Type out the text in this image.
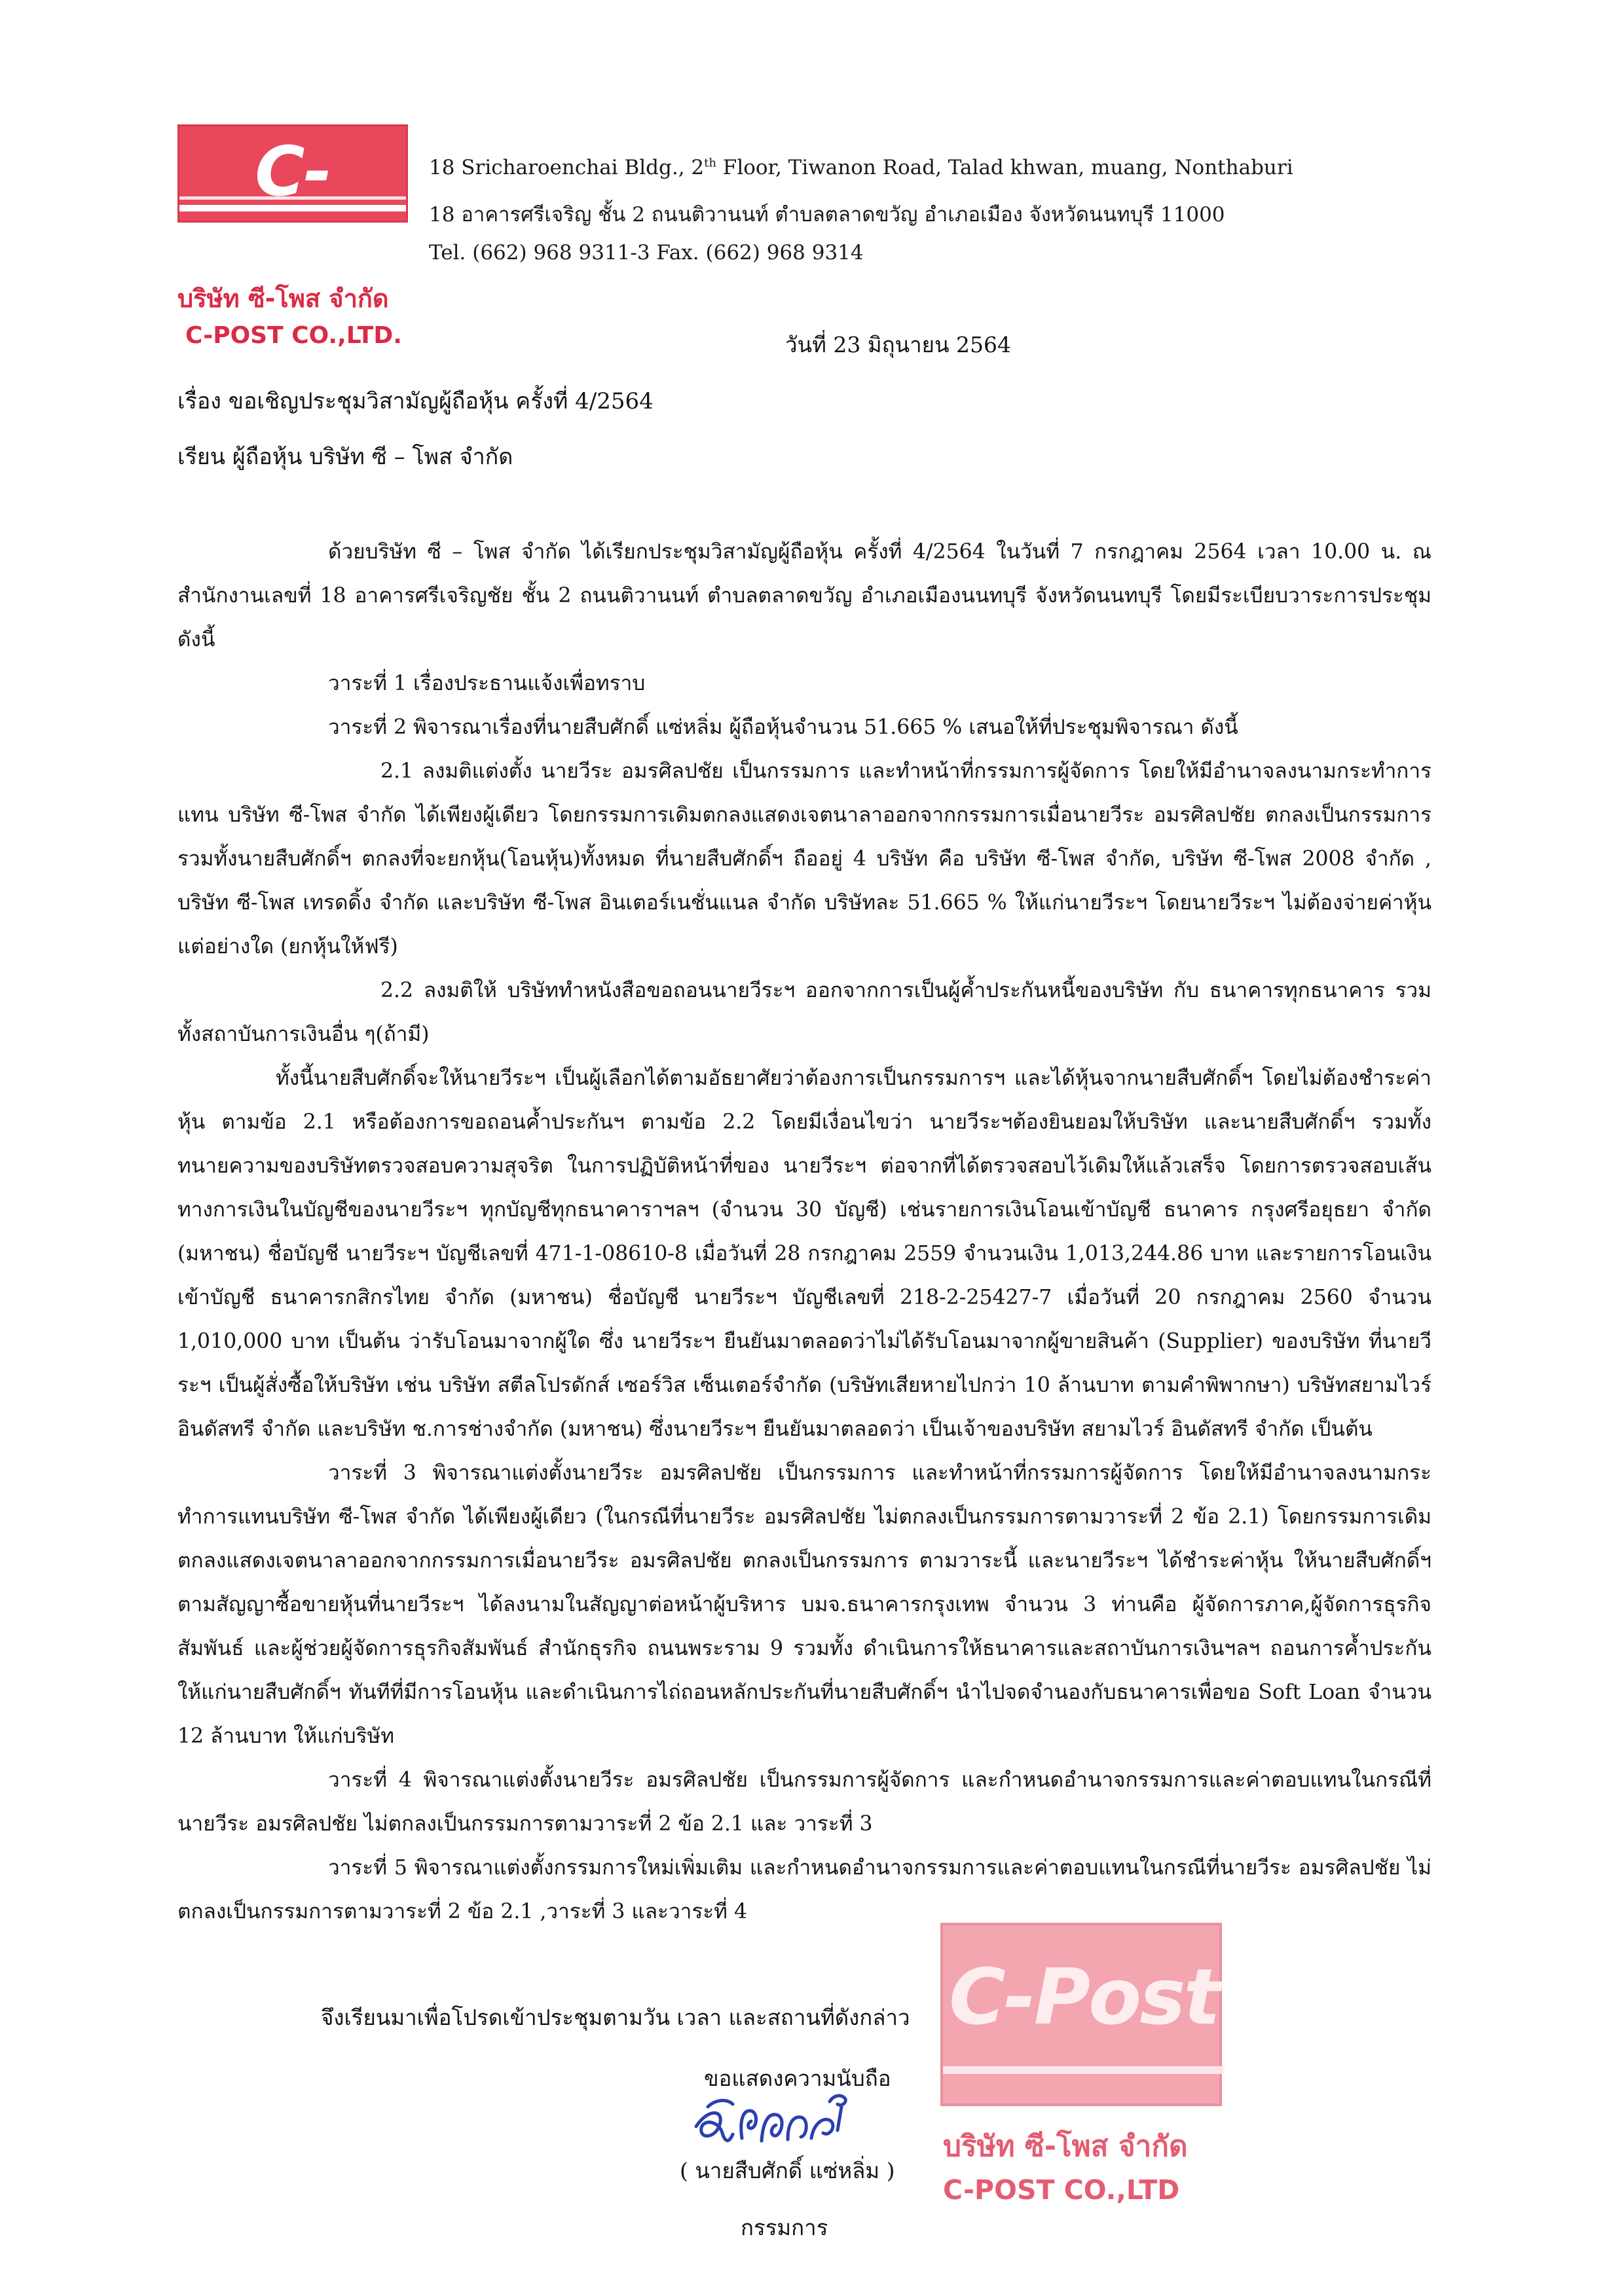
C-Post
บริษัท ซี-โพส จำกัด
C-POST CO.,LTD.
18 Sricharoenchai Bldg., 2th Floor, Tiwanon Road, Talad khwan, muang, Nonthaburi
18 อาคารศรีเจริญ ชั้น 2 ถนนติวานนท์ ตำบลตลาดขวัญ อำเภอเมือง จังหวัดนนทบุรี 11000
Tel. (662) 968 9311-3 Fax. (662) 968 9314
วันที่ 23 มิถุนายน 2564
เรื่อง ขอเชิญประชุมวิสามัญผู้ถือหุ้น ครั้งที่ 4/2564
เรียน ผู้ถือหุ้น บริษัท ซี – โพส จำกัด

ด้วยบริษัท ซี – โพส จำกัด ได้เรียกประชุมวิสามัญผู้ถือหุ้น ครั้งที่ 4/2564 ในวันที่ 7 กรกฎาคม 2564 เวลา 10.00 น. ณ สำนักงานเลขที่ 18 อาคารศรีเจริญชัย ชั้น 2 ถนนติวานนท์ ตำบลตลาดขวัญ อำเภอเมืองนนทบุรี จังหวัดนนทบุรี โดยมีระเบียบวาระการประชุม ดังนี้

วาระที่ 1 เรื่องประธานแจ้งเพื่อทราบ

วาระที่ 2 พิจารณาเรื่องที่นายสืบศักดิ์ แซ่หลิ่ม ผู้ถือหุ้นจำนวน 51.665 % เสนอให้ที่ประชุมพิจารณา ดังนี้

2.1 ลงมติแต่งตั้ง นายวีระ อมรศิลปชัย เป็นกรรมการ และทำหน้าที่กรรมการผู้จัดการ โดยให้มีอำนาจลงนามกระทำการแทน บริษัท ซี-โพส จำกัด ได้เพียงผู้เดียว โดยกรรมการเดิมตกลงแสดงเจตนาลาออกจากกรรมการเมื่อนายวีระ อมรศิลปชัย ตกลงเป็นกรรมการ รวมทั้งนายสืบศักดิ์ฯ ตกลงที่จะยกหุ้น(โอนหุ้น)ทั้งหมด ที่นายสืบศักดิ์ฯ ถืออยู่ 4 บริษัท คือ บริษัท ซี-โพส จำกัด, บริษัท ซี-โพส 2008 จำกัด , บริษัท ซี-โพส เทรดดิ้ง จำกัด และบริษัท ซี-โพส อินเตอร์เนชั่นแนล จำกัด บริษัทละ 51.665 % ให้แก่นายวีระฯ โดยนายวีระฯ ไม่ต้องจ่ายค่าหุ้นแต่อย่างใด (ยกหุ้นให้ฟรี)

2.2 ลงมติให้ บริษัททำหนังสือขอถอนนายวีระฯ ออกจากการเป็นผู้ค้ำประกันหนี้ของบริษัท กับ ธนาคารทุกธนาคาร รวมทั้งสถาบันการเงินอื่น ๆ(ถ้ามี)

ทั้งนี้นายสืบศักดิ์จะให้นายวีระฯ เป็นผู้เลือกได้ตามอัธยาศัยว่าต้องการเป็นกรรมการฯ และได้หุ้นจากนายสืบศักดิ์ฯ โดยไม่ต้องชำระค่าหุ้น ตามข้อ 2.1 หรือต้องการขอถอนค้ำประกันฯ ตามข้อ 2.2 โดยมีเงื่อนไขว่า นายวีระฯต้องยินยอมให้บริษัท และนายสืบศักดิ์ฯ รวมทั้งทนายความของบริษัทตรวจสอบความสุจริต ในการปฏิบัติหน้าที่ของ นายวีระฯ ต่อจากที่ได้ตรวจสอบไว้เดิมให้แล้วเสร็จ โดยการตรวจสอบเส้นทางการเงินในบัญชีของนายวีระฯ ทุกบัญชีทุกธนาคาราฯลฯ (จำนวน 30 บัญชี) เช่นรายการเงินโอนเข้าบัญชี ธนาคาร กรุงศรีอยุธยา จำกัด (มหาชน) ชื่อบัญชี นายวีระฯ บัญชีเลขที่ 471-1-08610-8 เมื่อวันที่ 28 กรกฎาคม 2559 จำนวนเงิน 1,013,244.86 บาท และรายการโอนเงินเข้าบัญชี ธนาคารกสิกรไทย จำกัด (มหาชน) ชื่อบัญชี นายวีระฯ บัญชีเลขที่ 218-2-25427-7 เมื่อวันที่ 20 กรกฎาคม 2560 จำนวน 1,010,000 บาท เป็นต้น ว่ารับโอนมาจากผู้ใด ซึ่ง นายวีระฯ ยืนยันมาตลอดว่าไม่ได้รับโอนมาจากผู้ขายสินค้า (Supplier) ของบริษัท ที่นายวีระฯ เป็นผู้สั่งซื้อให้บริษัท เช่น บริษัท สตีลโปรดักส์ เซอร์วิส เซ็นเตอร์จำกัด (บริษัทเสียหายไปกว่า 10 ล้านบาท ตามคำพิพากษา) บริษัทสยามไวร์ อินดัสทรี จำกัด และบริษัท ช.การช่างจำกัด (มหาชน) ซึ่งนายวีระฯ ยืนยันมาตลอดว่า เป็นเจ้าของบริษัท สยามไวร์ อินดัสทรี จำกัด เป็นต้น

วาระที่ 3 พิจารณาแต่งตั้งนายวีระ อมรศิลปชัย เป็นกรรมการ และทำหน้าที่กรรมการผู้จัดการ โดยให้มีอำนาจลงนามกระทำการแทนบริษัท ซี-โพส จำกัด ได้เพียงผู้เดียว (ในกรณีที่นายวีระ อมรศิลปชัย ไม่ตกลงเป็นกรรมการตามวาระที่ 2 ข้อ 2.1) โดยกรรมการเดิมตกลงแสดงเจตนาลาออกจากกรรมการเมื่อนายวีระ อมรศิลปชัย ตกลงเป็นกรรมการ ตามวาระนี้ และนายวีระฯ ได้ชำระค่าหุ้น ให้นายสืบศักดิ์ฯ ตามสัญญาซื้อขายหุ้นที่นายวีระฯ ได้ลงนามในสัญญาต่อหน้าผู้บริหาร บมจ.ธนาคารกรุงเทพ จำนวน 3 ท่านคือ ผู้จัดการภาค,ผู้จัดการธุรกิจสัมพันธ์ และผู้ช่วยผู้จัดการธุรกิจสัมพันธ์ สำนักธุรกิจ ถนนพระราม 9 รวมทั้ง ดำเนินการให้ธนาคารและสถาบันการเงินฯลฯ ถอนการค้ำประกัน ให้แก่นายสืบศักดิ์ฯ ทันทีที่มีการโอนหุ้น และดำเนินการไถ่ถอนหลักประกันที่นายสืบศักดิ์ฯ นำไปจดจำนองกับธนาคารเพื่อขอ Soft Loan จำนวน 12 ล้านบาท ให้แก่บริษัท

วาระที่ 4 พิจารณาแต่งตั้งนายวีระ อมรศิลปชัย เป็นกรรมการผู้จัดการ และกำหนดอำนาจกรรมการและค่าตอบแทนในกรณีที่ นายวีระ อมรศิลปชัย ไม่ตกลงเป็นกรรมการตามวาระที่ 2 ข้อ 2.1 และ วาระที่ 3

วาระที่ 5 พิจารณาแต่งตั้งกรรมการใหม่เพิ่มเติม และกำหนดอำนาจกรรมการและค่าตอบแทนในกรณีที่นายวีระ อมรศิลปชัย ไม่ตกลงเป็นกรรมการตามวาระที่ 2 ข้อ 2.1 ,วาระที่ 3 และวาระที่ 4

จึงเรียนมาเพื่อโปรดเข้าประชุมตามวัน เวลา และสถานที่ดังกล่าว
ขอแสดงความนับถือ
( นายสืบศักดิ์ แซ่หลิ่ม )
กรรมการ
C-Post
บริษัท ซี-โพส จำกัด
C-POST CO.,LTD
